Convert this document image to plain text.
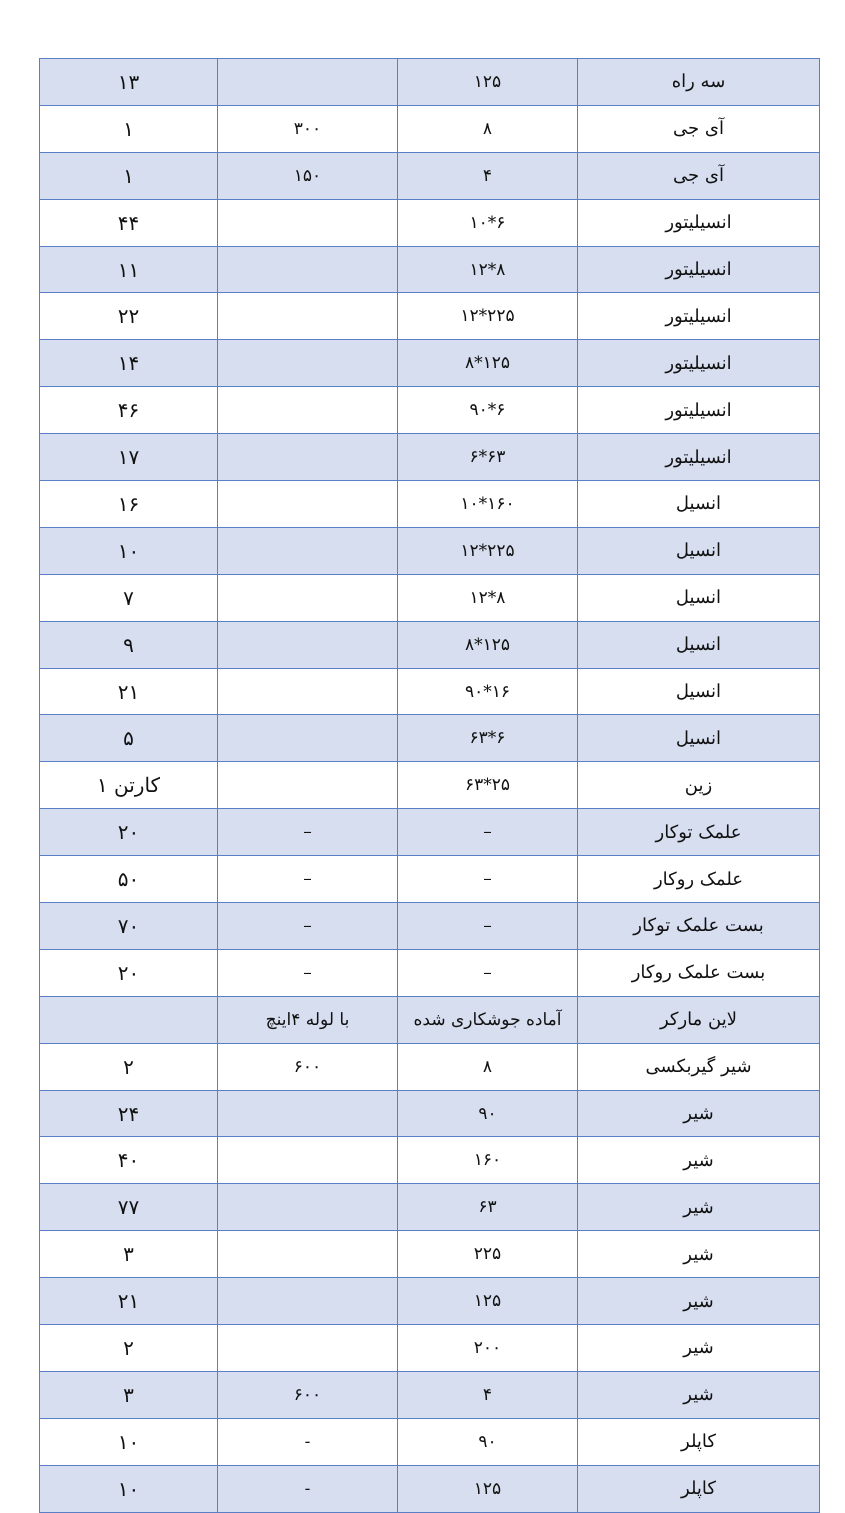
۱۳		۱۲۵	سه راه
۱	۳۰۰	۸	آی جی
۱	۱۵۰	۴	آی جی
۴۴		۱۰*۶	انسیلیتور
۱۱		۱۲*۸	انسیلیتور
۲۲		۱۲*۲۲۵	انسیلیتور
۱۴		۸*۱۲۵	انسیلیتور
۴۶		۹۰*۶	انسیلیتور
۱۷		۶*۶۳	انسیلیتور
۱۶		۱۰*۱۶۰	انسیل
۱۰		۱۲*۲۲۵	انسیل
۷		۱۲*۸	انسیل
۹		۸*۱۲۵	انسیل
۲۱		۹۰*۱۶	انسیل
۵		۶۳*۶	انسیل
کارتن ۱		۶۳*۲۵	زین
۲۰	–	–	علمک توکار
۵۰	–	–	علمک روکار
۷۰	–	–	بست علمک توکار
۲۰	–	–	بست علمک روکار
	با لوله ۴اینچ	آماده جوشکاری شده	لاین مارکر
۲	۶۰۰	۸	شیر گیربکسی
۲۴		۹۰	شیر
۴۰		۱۶۰	شیر
۷۷		۶۳	شیر
۳		۲۲۵	شیر
۲۱		۱۲۵	شیر
۲		۲۰۰	شیر
۳	۶۰۰	۴	شیر
۱۰	-	۹۰	کاپلر
۱۰	-	۱۲۵	کاپلر
